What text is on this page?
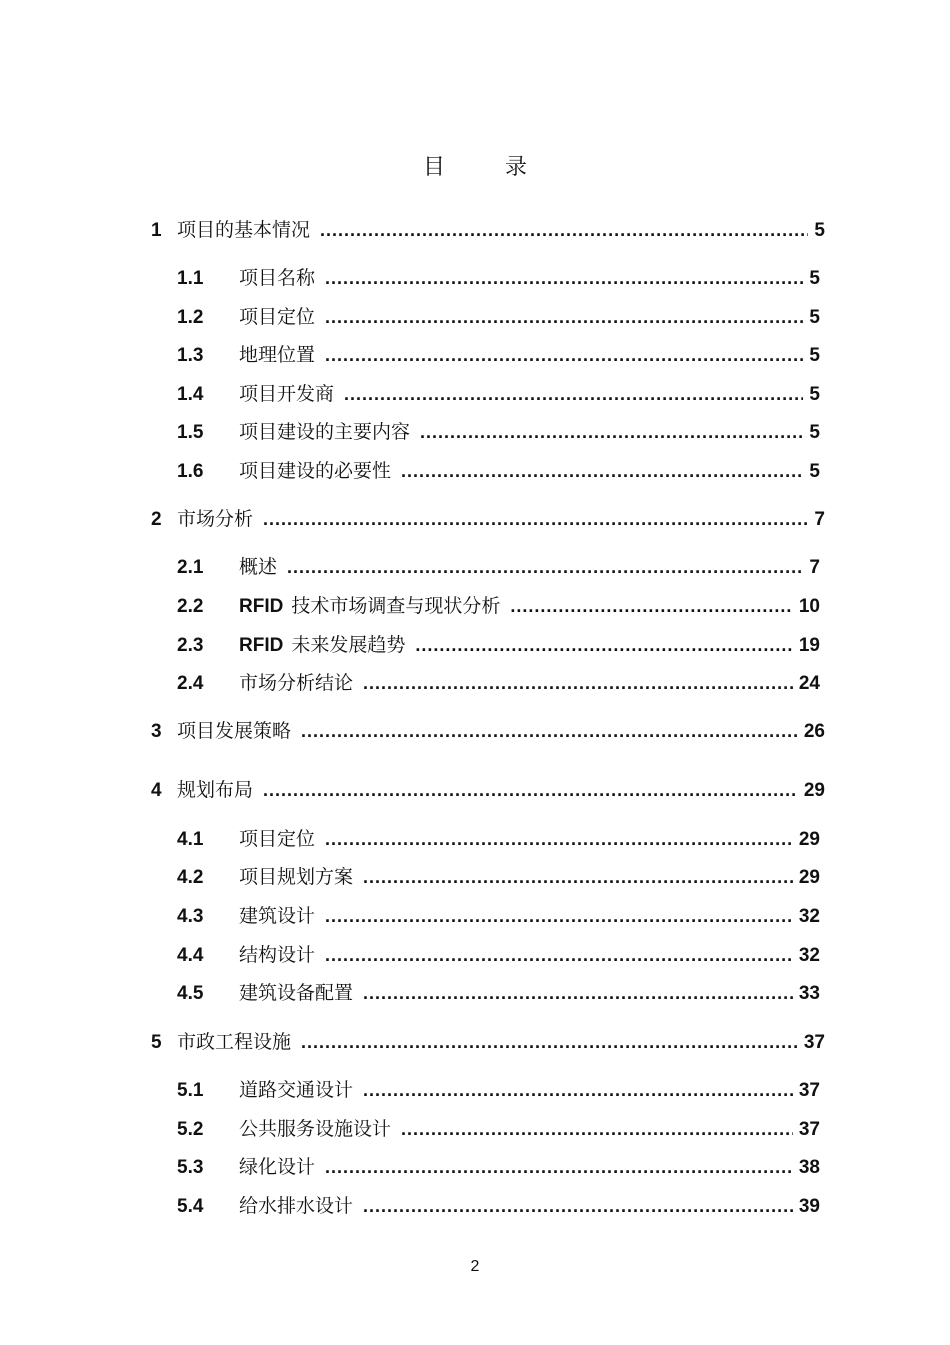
目	录
1 项目的基本情况 .....	5
1.1	项目名称 .....	5
1.2	项目定位 .....	5
1.3	地理位置 .....	5
1.4	项目开发商 .....	5
1.5	项目建设的主要内容 .....	5
1.6	项目建设的必要性 .....	5
2 市场分析 .....	7
2.1	概述 .....	7
2.2	RFID 技术市场调查与现状分析 .....	10
2.3	RFID 未来发展趋势 .....	19
2.4	市场分析结论 .....	24
3 项目发展策略 .....	26
4 规划布局 .....	29
4.1	项目定位 .....	29
4.2	项目规划方案 .....	29
4.3	建筑设计 .....	32
4.4	结构设计 .....	32
4.5	建筑设备配置 .....	33
5 市政工程设施 .....	37
5.1	道路交通设计 .....	37
5.2	公共服务设施设计 .....	37
5.3	绿化设计 .....	38
5.4	给水排水设计 .....	39
2
